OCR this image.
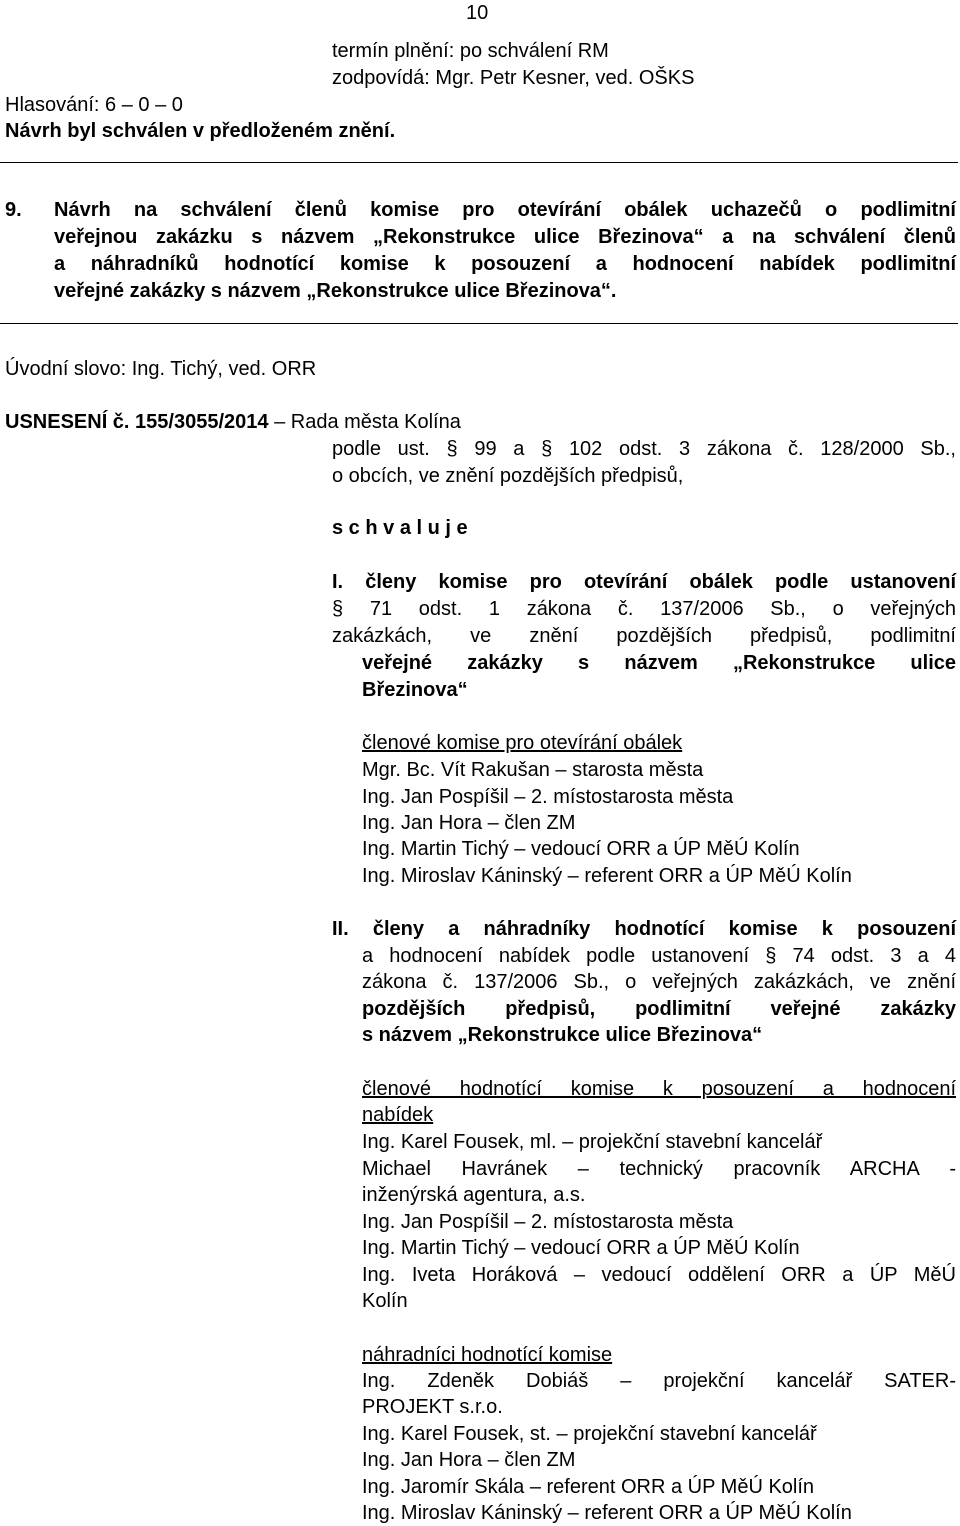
10
termín plnění: po schválení RM
zodpovídá: Mgr. Petr Kesner, ved. OŠKS
Hlasování: 6 – 0 – 0
Návrh byl schválen v předloženém znění.
9. Návrh na schválení členů komise pro otevírání obálek uchazečů o podlimitní
veřejnou zakázku s názvem „Rekonstrukce ulice Březinova“ a na schválení členů
a náhradníků hodnotící komise k posouzení a hodnocení nabídek podlimitní
veřejné zakázky s názvem „Rekonstrukce ulice Březinova“.
Úvodní slovo: Ing. Tichý, ved. ORR
USNESENÍ č. 155/3055/2014 – Rada města Kolína
podle ust. § 99 a § 102 odst. 3 zákona č. 128/2000 Sb.,
o obcích, ve znění pozdějších předpisů,
s c h v a l u j e
I. členy komise pro otevírání obálek podle ustanovení
§ 71 odst. 1 zákona č. 137/2006 Sb., o veřejných
zakázkách, ve znění pozdějších předpisů, podlimitní
veřejné zakázky s názvem „Rekonstrukce ulice
Březinova“
členové komise pro otevírání obálek
Mgr. Bc. Vít Rakušan – starosta města
Ing. Jan Pospíšil – 2. místostarosta města
Ing. Jan Hora – člen ZM
Ing. Martin Tichý – vedoucí ORR a ÚP MěÚ Kolín
Ing. Miroslav Káninský – referent ORR a ÚP MěÚ Kolín
II. členy a náhradníky hodnotící komise k posouzení
a hodnocení nabídek podle ustanovení § 74 odst. 3 a 4
zákona č. 137/2006 Sb., o veřejných zakázkách, ve znění
pozdějších předpisů, podlimitní veřejné zakázky
s názvem „Rekonstrukce ulice Březinova“
členové hodnotící komise k posouzení a hodnocení
nabídek
Ing. Karel Fousek, ml. – projekční stavební kancelář
Michael Havránek – technický pracovník ARCHA -
inženýrská agentura, a.s.
Ing. Jan Pospíšil – 2. místostarosta města
Ing. Martin Tichý – vedoucí ORR a ÚP MěÚ Kolín
Ing. Iveta Horáková – vedoucí oddělení ORR a ÚP MěÚ
Kolín
náhradníci hodnotící komise
Ing. Zdeněk Dobiáš – projekční kancelář SATER-
PROJEKT s.r.o.
Ing. Karel Fousek, st. – projekční stavební kancelář
Ing. Jan Hora – člen ZM
Ing. Jaromír Skála – referent ORR a ÚP MěÚ Kolín
Ing. Miroslav Káninský – referent ORR a ÚP MěÚ Kolín
